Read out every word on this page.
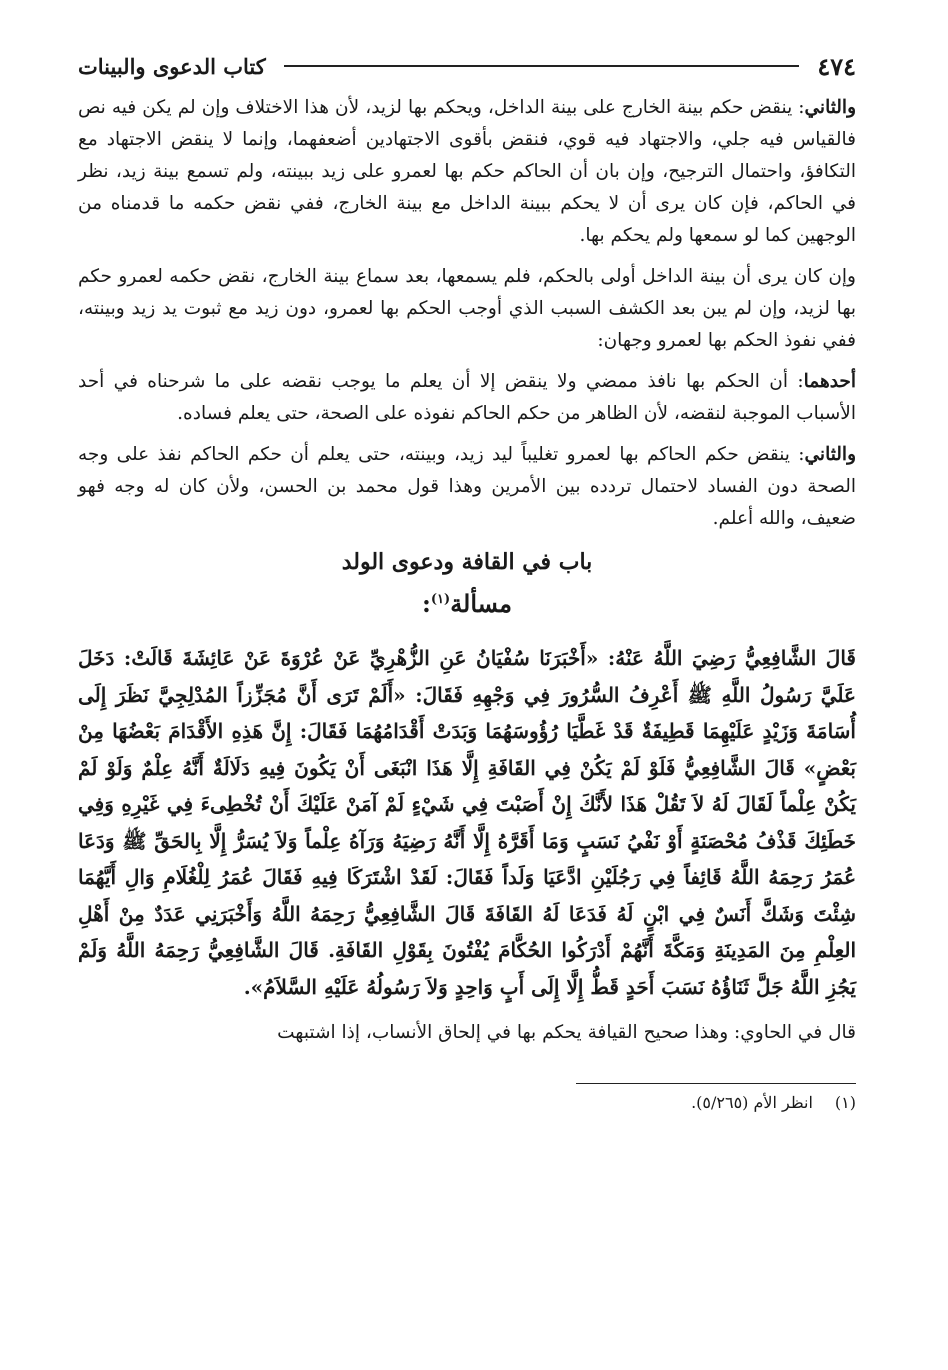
٤٧٤
كتاب الدعوى والبينات

والثاني: ينقض حكم بينة الخارج على بينة الداخل، ويحكم بها لزيد، لأن هذا الاختلاف وإن لم يكن فيه نص فالقياس فيه جلي، والاجتهاد فيه قوي، فنقض بأقوى الاجتهادين أضعفهما، وإنما لا ينقض الاجتهاد مع التكافؤ، واحتمال الترجيح، وإن بان أن الحاكم حكم بها لعمرو على زيد ببينته، ولم تسمع بينة زيد، نظر في الحاكم، فإن كان يرى أن لا يحكم ببينة الداخل مع بينة الخارج، ففي نقض حكمه ما قدمناه من الوجهين كما لو سمعها ولم يحكم بها.

وإن كان يرى أن بينة الداخل أولى بالحكم، فلم يسمعها، بعد سماع بينة الخارج، نقض حكمه لعمرو حكم بها لزيد، وإن لم يبن بعد الكشف السبب الذي أوجب الحكم بها لعمرو، دون زيد مع ثبوت يد زيد وبينته، ففي نفوذ الحكم بها لعمرو وجهان:

أحدهما: أن الحكم بها نافذ ممضي ولا ينقض إلا أن يعلم ما يوجب نقضه على ما شرحناه في أحد الأسباب الموجبة لنقضه، لأن الظاهر من حكم الحاكم نفوذه على الصحة، حتى يعلم فساده.

والثاني: ينقض حكم الحاكم بها لعمرو تغليباً ليد زيد، وبينته، حتى يعلم أن حكم الحاكم نفذ على وجه الصحة دون الفساد لاحتمال تردده بين الأمرين وهذا قول محمد بن الحسن، ولأن كان له وجه فهو ضعيف، والله أعلم.

باب في القافة ودعوى الولد
مسألة$^{(١)}$:

قَالَ الشَّافِعِيُّ رَضِيَ اللَّهُ عَنْهُ: «أَخْبَرَنَا سُفْيَانُ عَنِ الزُّهْرِيِّ عَنْ عُرْوَةَ عَنْ عَائِشَةَ قَالَتْ: دَخَلَ عَلَيَّ رَسُولُ اللَّهِ ﷺ أَعْرِفُ السُّرُورَ فِي وَجْهِهِ فَقَالَ: «أَلَمْ تَرَى أَنَّ مُجَزِّزاً المُدْلِجِيَّ نَظَرَ إِلَى أُسَامَةَ وَزَيْدٍ عَلَيْهِمَا قَطِيفَةٌ قَدْ غَطَّيَا رُؤُوسَهُمَا وَبَدَتْ أَقْدَامُهُمَا فَقَالَ: إِنَّ هَذِهِ الأَقْدَامَ بَعْضُهَا مِنْ بَعْضٍ» قَالَ الشَّافِعِيُّ فَلَوْ لَمْ يَكُنْ فِي القَافَةِ إِلَّا هَذَا انْبَغَى أَنْ يَكُونَ فِيهِ دَلَالَةٌ أَنَّهُ عِلْمٌ وَلَوْ لَمْ يَكُنْ عِلْماً لَقَالَ لَهُ لاَ تَقُلْ هَذَا لأَنَّكَ إِنْ أَصَبْتَ فِي شَيْءٍ لَمْ آمَنْ عَلَيْكَ أَنْ تُخْطِىءَ فِي غَيْرِهِ وَفِي خَطَئِكَ قَذْفُ مُحْصَنَةٍ أَوْ نَفْيُ نَسَبٍ وَمَا أَقَرَّهُ إِلَّا أَنَّهُ رَضِيَهُ وَرَآهُ عِلْماً وَلاَ يُسَرُّ إِلَّا بِالحَقِّ ﷺ وَدَعَا عُمَرُ رَحِمَهُ اللَّهُ قَائِفاً فِي رَجُلَيْنِ ادَّعَيَا وَلَداً فَقَالَ: لَقَدْ اشْتَرَكَا فِيهِ فَقَالَ عُمَرُ لِلْغُلَامِ وَالِ أَيَّهُمَا شِئْتَ وَشَكَّ أَنَسٌ فِي ابْنٍ لَهُ فَدَعَا لَهُ القَافَةَ قَالَ الشَّافِعِيُّ رَحِمَهُ اللَّهُ وَأَخْبَرَنِي عَدَدٌ مِنْ أَهْلِ العِلْمِ مِنَ المَدِينَةِ وَمَكَّةَ أَنَّهُمْ أَدْرَكُوا الحُكَّامَ يُفْتُونَ بِقَوْلِ القَافَةِ. قَالَ الشَّافِعِيُّ رَحِمَهُ اللَّهُ وَلَمْ يَجُزِ اللَّهُ جَلَّ ثَنَاؤُهُ نَسَبَ أَحَدٍ قَطُّ إِلَّا إِلَى أَبٍ وَاحِدٍ وَلاَ رَسُولُهُ عَلَيْهِ السَّلاَمُ».

قال في الحاوي: وهذا صحيح القيافة يحكم بها في إلحاق الأنساب، إذا اشتبهت

(١)
انظر الأم (٥/٢٦٥).
